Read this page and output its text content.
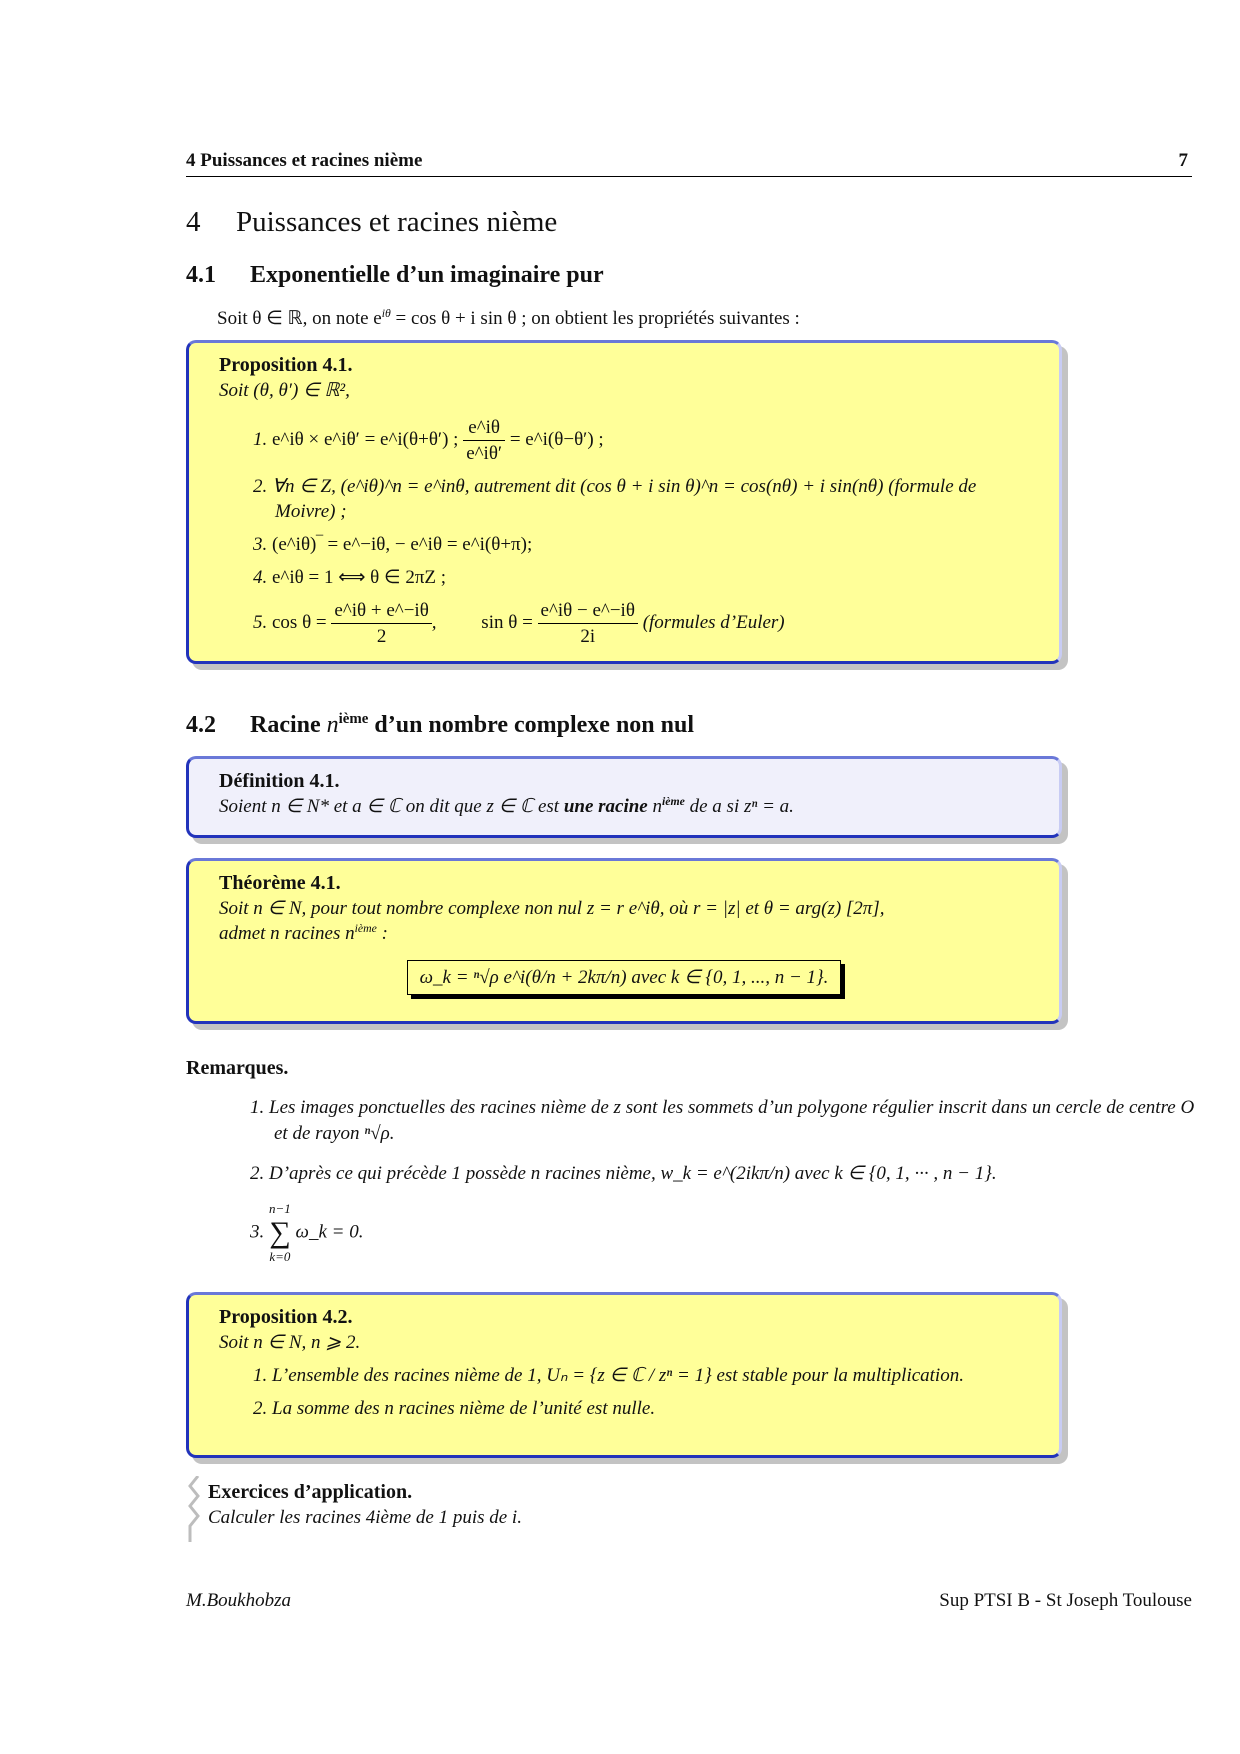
4 Puissances et racines nième	7
4 Puissances et racines nième
4.1 Exponentielle d’un imaginaire pur
Soit θ ∈ ℝ, on note $e^{i\theta} = \cos \theta + i$ sin θ ; on obtient les propriétés suivantes :
Proposition 4.1.
Soit (θ, θ′) ∈ ℝ²,
1. e^iθ × e^iθ′ = e^i(θ+θ′) ; $\frac{e\^{}i\theta}{e\^{}i\theta'}$ = e^i(θ−θ′) ;
2. ∀n ∈ Z, (e^iθ)^n = e^inθ, autrement dit (cos θ + i sin θ)^n = cos(nθ) + i sin(nθ) (formule de Moivre) ;
3. (e^iθ)‾ = e^−iθ, − e^iθ = e^i(θ+π);
4. e^iθ = 1 ⟺ θ ∈ 2πZ ;
5. $\cos \theta = \frac{e\^{}i\theta + e\^{}-i\theta}{2}$ , $\sin \theta = \frac{e\^{}i\theta - e\^{}-i\theta}{2i}$ (formules d’Euler)
4.2 Racine $n^{ième}$ d’un nombre complexe non nul
Définition 4.1.
Soient n ∈ N* et a ∈ ℂ on dit que z ∈ ℂ est une racine $n^{ième}$ de a si zⁿ = a.
Théorème 4.1.
Soit n ∈ N, pour tout nombre complexe non nul z = r e^iθ, où r = |z| et θ = arg(z) [2π],
admet n racines $n^{ième}$ :
ω_k = ⁿ√ρ e^i(θ/n + 2kπ/n) avec k ∈ {0, 1, ..., n − 1}.
Remarques.
1. Les images ponctuelles des racines nième de z sont les sommets d’un polygone régulier inscrit dans un cercle de centre O et de rayon ⁿ√ρ.
2. D’après ce qui précède 1 possède n racines nième, w_k = e^(2ikπ/n) avec k ∈ {0, 1, ··· , n − 1}.
3.
n−1
∑
k=0
ω_k = 0.
Proposition 4.2.
Soit n ∈ N, n ⩾ 2.
1. L’ensemble des racines nième de 1, Uₙ = {z ∈ ℂ / zⁿ = 1} est stable pour la multiplication.
2. La somme des n racines nième de l’unité est nulle.
Exercices d’application.
Calculer les racines 4ième de 1 puis de i.
M.Boukhobza	Sup PTSI B - St Joseph Toulouse
